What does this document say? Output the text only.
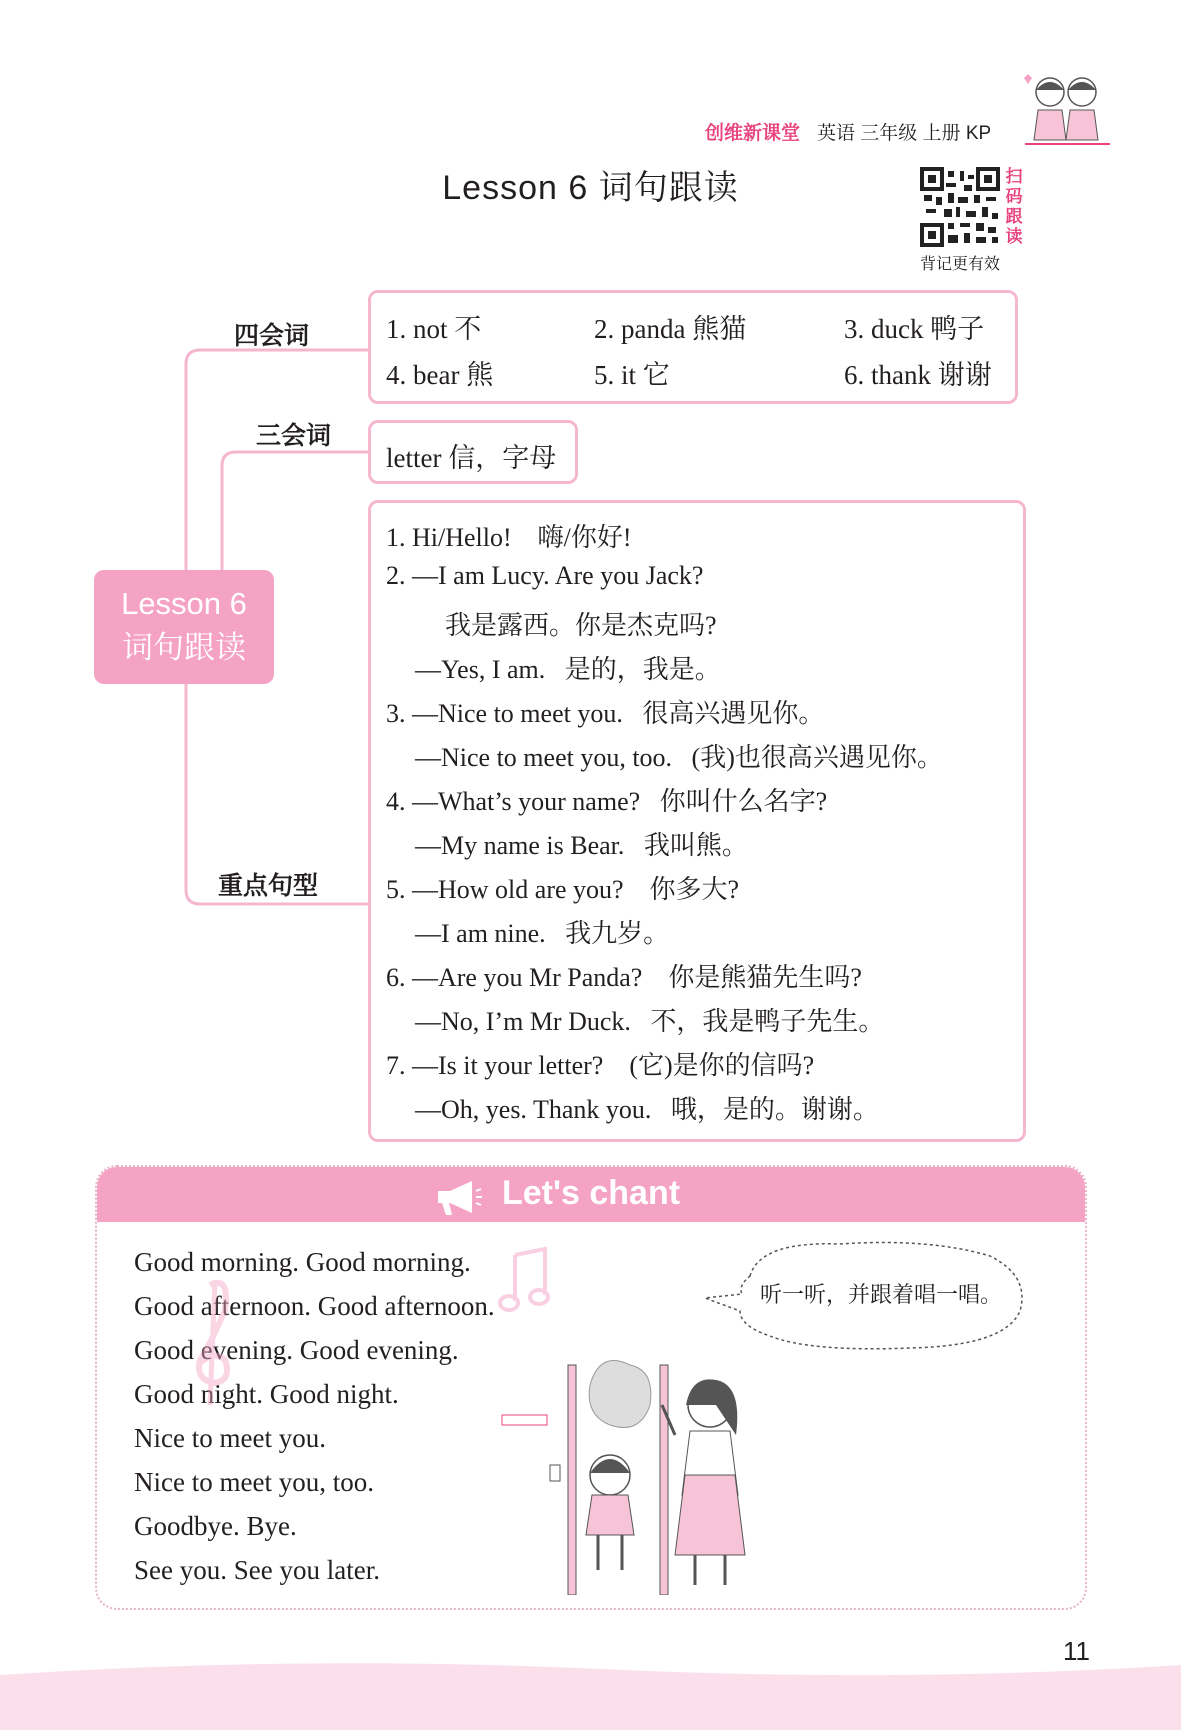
创维新课堂 英语 三年级 上册 KP
Lesson 6 词句跟读	扫码跟读
背记更有效
Lesson 6
词句跟读
四会词
三会词
重点句型
1. not 不	2. panda 熊猫	3. duck 鸭子
4. bear 熊	5. it 它	6. thank 谢谢
letter 信，字母
1. Hi/Hello!    嗨/你好!
2. —I am Lucy. Are you Jack?
我是露西。你是杰克吗?
—Yes, I am.   是的，我是。
3. —Nice to meet you.   很高兴遇见你。
—Nice to meet you, too.   (我)也很高兴遇见你。
4. —What’s your name?   你叫什么名字?
—My name is Bear.   我叫熊。
5. —How old are you?    你多大?
—I am nine.   我九岁。
6. —Are you Mr Panda?    你是熊猫先生吗?
—No, I’m Mr Duck.   不，我是鸭子先生。
7. —Is it your letter?    (它)是你的信吗?
—Oh, yes. Thank you.   哦，是的。谢谢。
Let's chant
Good morning. Good morning.
Good afternoon. Good afternoon.
Good evening. Good evening.
Good night. Good night.
Nice to meet you.
Nice to meet you, too.
Goodbye. Bye.
See you. See you later.
听一听，并跟着唱一唱。
11
